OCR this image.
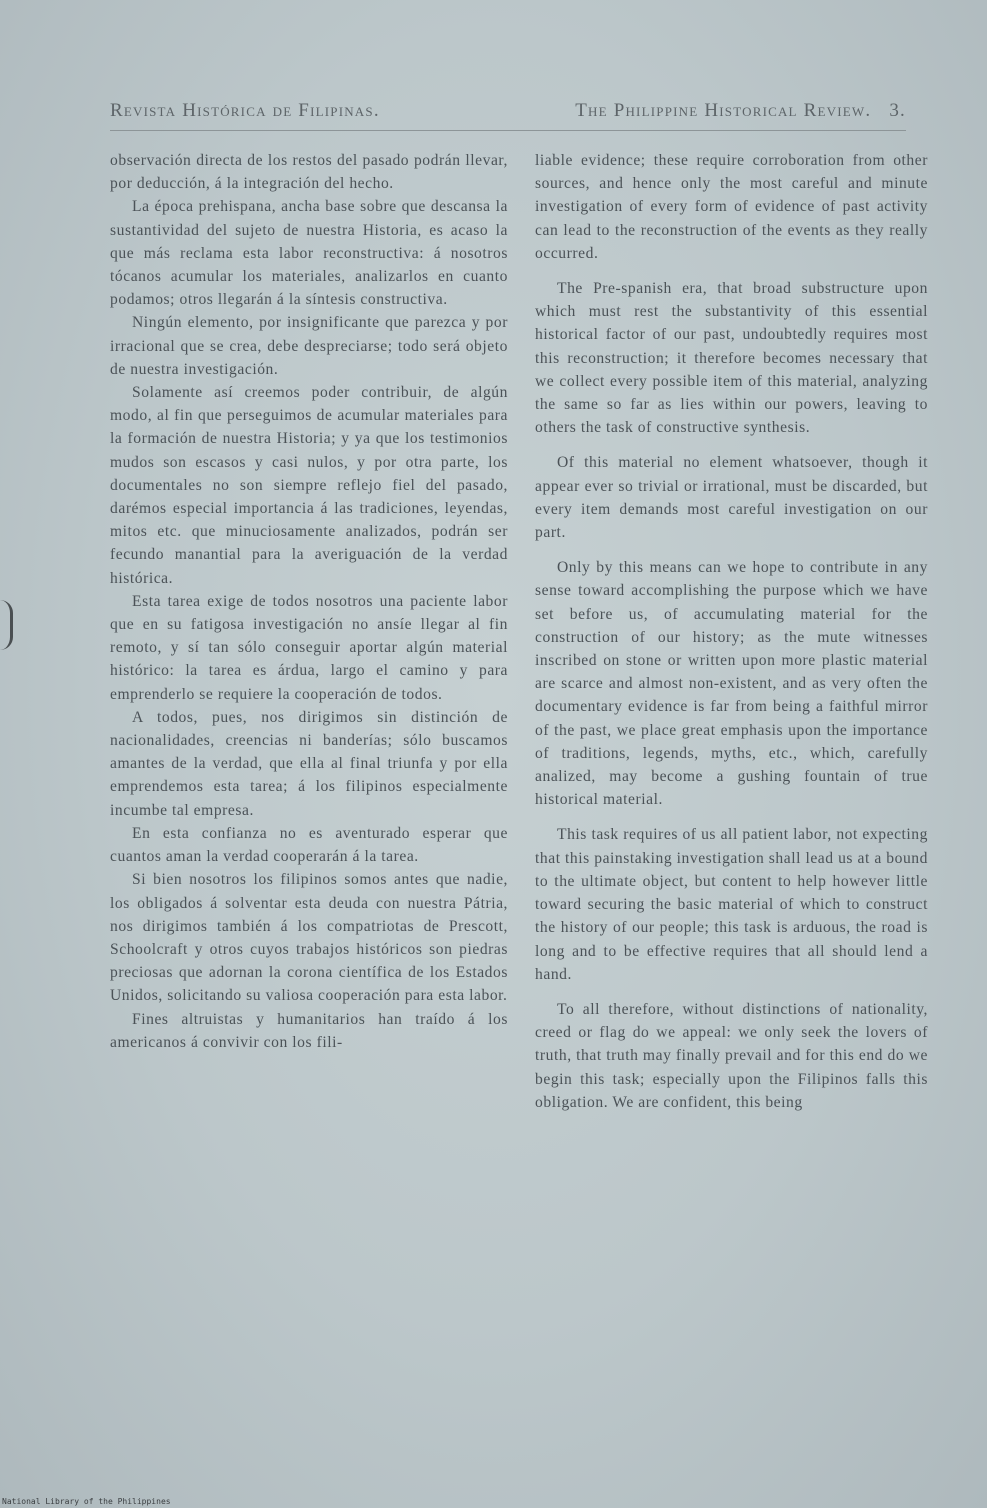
Revista Histórica de Filipinas.	The Philippine Historical Review. 3.

observación directa de los restos del pasado podrán llevar, por deducción, á la integración del hecho.

La época prehispana, ancha base sobre que descansa la sustantividad del sujeto de nuestra Historia, es acaso la que más reclama esta labor reconstructiva: á nosotros tócanos acumular los materiales, analizarlos en cuanto podamos; otros llegarán á la síntesis constructiva.

Ningún elemento, por insignificante que parezca y por irracional que se crea, debe despreciarse; todo será objeto de nuestra investigación.

Solamente así creemos poder contribuir, de algún modo, al fin que perseguimos de acumular materiales para la formación de nuestra Historia; y ya que los testimonios mudos son escasos y casi nulos, y por otra parte, los documentales no son siempre reflejo fiel del pasado, darémos especial importancia á las tradiciones, leyendas, mitos etc. que minuciosamente analizados, podrán ser fecundo manantial para la averiguación de la verdad histórica.

Esta tarea exige de todos nosotros una paciente labor que en su fatigosa investigación no ansíe llegar al fin remoto, y sí tan sólo conseguir aportar algún material histórico: la tarea es árdua, largo el camino y para emprenderlo se requiere la cooperación de todos.

A todos, pues, nos dirigimos sin distinción de nacionalidades, creencias ni banderías; sólo buscamos amantes de la verdad, que ella al final triunfa y por ella emprendemos esta tarea; á los filipinos especialmente incumbe tal empresa.

En esta confianza no es aventurado esperar que cuantos aman la verdad cooperarán á la tarea.

Si bien nosotros los filipinos somos antes que nadie, los obligados á solventar esta deuda con nuestra Pátria, nos dirigimos también á los compatriotas de Prescott, Schoolcraft y otros cuyos trabajos históricos son piedras preciosas que adornan la corona científica de los Estados Unidos, solicitando su valiosa cooperación para esta labor.

Fines altruistas y humanitarios han traído á los americanos á convivir con los fili-

liable evidence; these require corroboration from other sources, and hence only the most careful and minute investigation of every form of evidence of past activity can lead to the reconstruction of the events as they really occurred.

The Pre-spanish era, that broad substructure upon which must rest the substantivity of this essential historical factor of our past, undoubtedly requires most this reconstruction; it therefore becomes necessary that we collect every possible item of this material, analyzing the same so far as lies within our powers, leaving to others the task of constructive synthesis.

Of this material no element whatsoever, though it appear ever so trivial or irrational, must be discarded, but every item demands most careful investigation on our part.

Only by this means can we hope to contribute in any sense toward accomplishing the purpose which we have set before us, of accumulating material for the construction of our history; as the mute witnesses inscribed on stone or written upon more plastic material are scarce and almost non-existent, and as very often the documentary evidence is far from being a faithful mirror of the past, we place great emphasis upon the importance of traditions, legends, myths, etc., which, carefully analized, may become a gushing fountain of true historical material.

This task requires of us all patient labor, not expecting that this painstaking investigation shall lead us at a bound to the ultimate object, but content to help however little toward securing the basic material of which to construct the history of our people; this task is arduous, the road is long and to be effective requires that all should lend a hand.

To all therefore, without distinctions of nationality, creed or flag do we appeal: we only seek the lovers of truth, that truth may finally prevail and for this end do we begin this task; especially upon the Filipinos falls this obligation. We are confident, this being

National Library of the Philippines
